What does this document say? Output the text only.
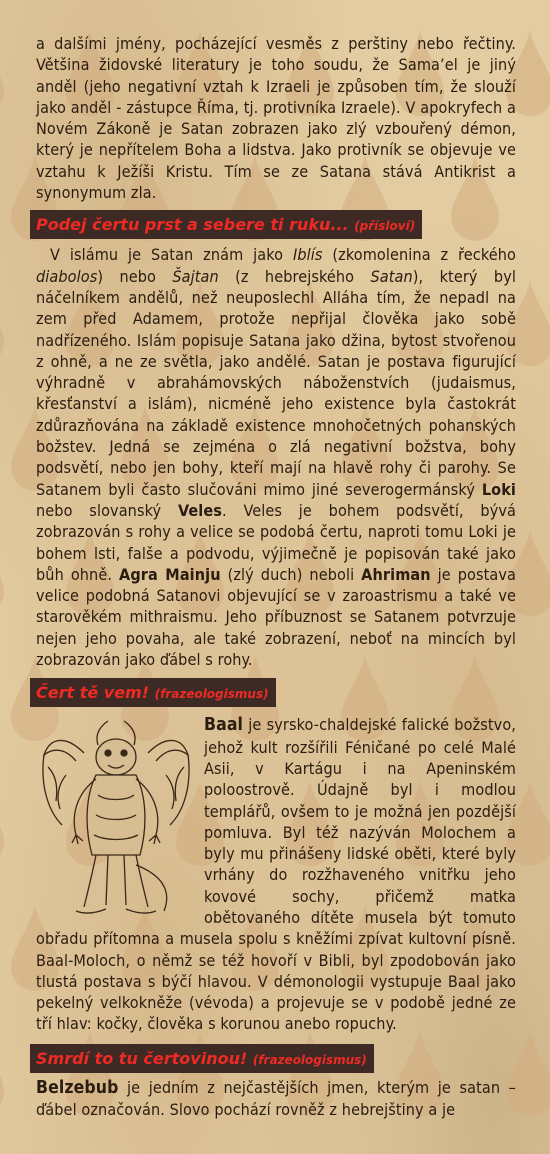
a dalšími jmény, pocházející vesměs z perštiny nebo řečtiny. Většina židovské literatury je toho soudu, že Sama’el je jiný anděl (jeho negativní vztah k Izraeli je způsoben tím, že slouží jako anděl - zástupce Říma, tj. protivníka Izraele). V apokryfech a Novém Zákoně je Satan zobrazen jako zlý vzbouřený démon, který je nepřítelem Boha a lidstva. Jako protivník se objevuje ve vztahu k Ježíši Kristu. Tím se ze Satana stává Antikrist a synonymum zla.

Podej čertu prst a sebere ti ruku... (přísloví)

V islámu je Satan znám jako Iblís (zkomolenina z řeckého diabolos) nebo Šajtan (z hebrejského Satan), který byl náčelníkem andělů, než neuposlechl Alláha tím, že nepadl na zem před Adamem, protože nepřijal člověka jako sobě nadřízeného. Islám popisuje Satana jako džina, bytost stvořenou z ohně, a ne ze světla, jako andělé. Satan je postava figurující výhradně v abrahámovských náboženstvích (judaismus, křesťanství a islám), nicméně jeho existence byla častokrát zdůrazňována na základě existence mnohočetných pohanských božstev. Jedná se zejména o zlá negativní božstva, bohy podsvětí, nebo jen bohy, kteří mají na hlavě rohy či parohy. Se Satanem byli často slučováni mimo jiné severogermánský Loki nebo slovanský Veles. Veles je bohem podsvětí, bývá zobrazován s rohy a velice se podobá čertu, naproti tomu Loki je bohem lsti, falše a podvodu, výjimečně je popisován také jako bůh ohně. Agra Mainju (zlý duch) neboli Ahriman je postava velice podobná Satanovi objevující se v zaroastrismu a také ve starověkém mithraismu. Jeho příbuznost se Satanem potvrzuje nejen jeho povaha, ale také zobrazení, neboť na mincích byl zobrazován jako ďábel s rohy.

Čert tě vem! (frazeologismus)

Baal je syrsko-chaldejské falické božstvo, jehož kult rozšířili Féničané po celé Malé Asii, v Kartágu i na Apeninském poloostrově. Údajně byl i modlou templářů, ovšem to je možná jen pozdější pomluva. Byl též nazýván Molochem a byly mu přinášeny lidské oběti, které byly vrhány do rozžhaveného vnitřku jeho kovové sochy, přičemž matka obětovaného dítěte musela být tomuto obřadu přítomna a musela spolu s kněžími zpívat kultovní písně. Baal-Moloch, o němž se též hovoří v Bibli, byl zpodobován jako tlustá postava s býčí hlavou. V démonologii vystupuje Baal jako pekelný velkokněže (vévoda) a projevuje se v podobě jedné ze tří hlav: kočky, člověka s korunou anebo ropuchy.

Smrdí to tu čertovinou! (frazeologismus)

Belzebub je jedním z nejčastějších jmen, kterým je satan – ďábel označován. Slovo pochází rovněž z hebrejštiny a je
